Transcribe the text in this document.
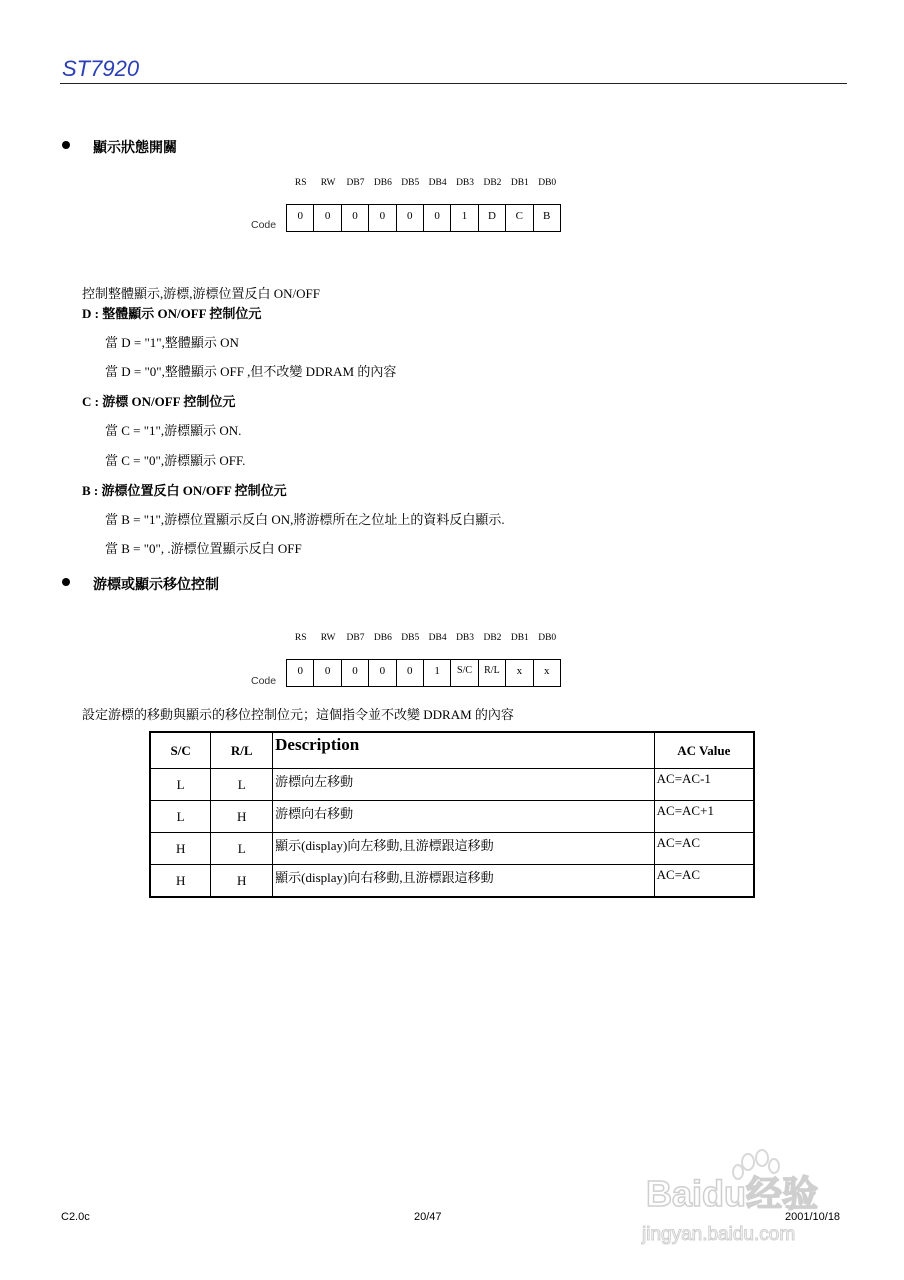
ST7920
顯示狀態開關
RS	RW	DB7 DB6 DB5 DB4 DB3 DB2 DB1 DB0
Code
0	0	0	0	0	0	1	D	C	B
控制整體顯示,游標,游標位置反白 ON/OFF
D : 整體顯示 ON/OFF 控制位元
當 D = "1",整體顯示 ON
當 D = "0",整體顯示 OFF ,但不改變 DDRAM 的內容
C : 游標 ON/OFF 控制位元
當 C = "1",游標顯示 ON.
當 C = "0",游標顯示 OFF.
B : 游標位置反白 ON/OFF 控制位元
當 B = "1",游標位置顯示反白 ON,將游標所在之位址上的資料反白顯示.
當 B = "0", .游標位置顯示反白 OFF
游標或顯示移位控制
RS	RW	DB7 DB6 DB5 DB4 DB3 DB2 DB1 DB0
Code
0	0	0	0	0	1	S/C	R/L	x	x
設定游標的移動與顯示的移位控制位元；這個指令並不改變 DDRAM 的內容
S/C	R/L	Description	AC Value
L	L	游標向左移動	AC=AC-1
L	H	游標向右移動	AC=AC+1
H	L	顯示(display)向左移動,且游標跟這移動	AC=AC
H	H	顯示(display)向右移動,且游標跟這移動	AC=AC
Baidu经验
jingyan.baidu.com
C2.0c	20/47	2001/10/18
